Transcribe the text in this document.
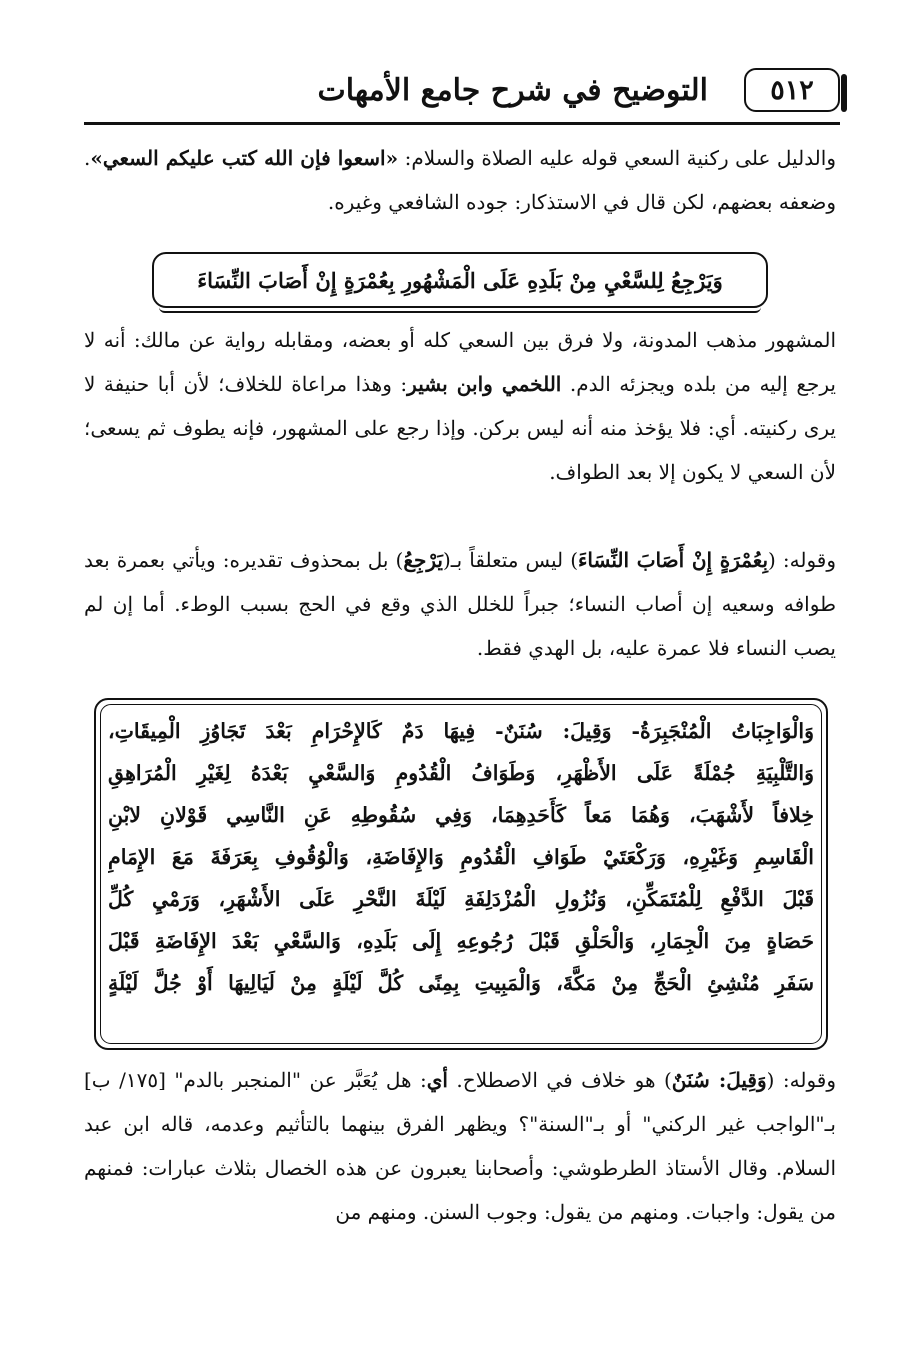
٥١٢
التوضيح في شرح جامع الأمهات

والدليل على ركنية السعي قوله عليه الصلاة والسلام: «اسعوا فإن الله كتب عليكم السعي». وضعفه بعضهم، لكن قال في الاستذكار: جوده الشافعي وغيره.

وَيَرْجِعُ لِلسَّعْيِ مِنْ بَلَدِهِ عَلَى الْمَشْهُورِ بِعُمْرَةٍ إِنْ أَصَابَ النِّسَاءَ

المشهور مذهب المدونة، ولا فرق بين السعي كله أو بعضه، ومقابله رواية عن مالك: أنه لا يرجع إليه من بلده ويجزئه الدم. اللخمي وابن بشير: وهذا مراعاة للخلاف؛ لأن أبا حنيفة لا يرى ركنيته. أي: فلا يؤخذ منه أنه ليس بركن. وإذا رجع على المشهور، فإنه يطوف ثم يسعى؛ لأن السعي لا يكون إلا بعد الطواف.

وقوله: (بِعُمْرَةٍ إِنْ أَصَابَ النِّسَاءَ) ليس متعلقاً بـ(يَرْجِعُ) بل بمحذوف تقديره: ويأتي بعمرة بعد طوافه وسعيه إن أصاب النساء؛ جبراً للخلل الذي وقع في الحج بسبب الوطء. أما إن لم يصب النساء فلا عمرة عليه، بل الهدي فقط.

وَالْوَاجِبَاتُ الْمُنْجَبِرَةُ- وَقِيلَ: سُنَنٌ- فِيهَا دَمٌ كَالإِحْرَامِ بَعْدَ تَجَاوُزِ الْمِيقَاتِ،
وَالتَّلْبِيَةِ جُمْلَةً عَلَى الأَظْهَرِ، وَطَوَافُ الْقُدُومِ وَالسَّعْيِ بَعْدَهُ لِغَيْرِ الْمُرَاهِقِ
خِلافاً لأَشْهَبَ، وَهُمَا مَعاً كَأَحَدِهِمَا، وَفِي سُقُوطِهِ عَنِ النَّاسِي قَوْلانِ لابْنِ
الْقَاسِمِ وَغَيْرِهِ، وَرَكْعَتَيْ طَوَافِ الْقُدُومِ وَالإِفَاضَةِ، وَالْوُقُوفِ بِعَرَفَةَ مَعَ الإِمَامِ
قَبْلَ الدَّفْعِ لِلْمُتَمَكِّنِ، وَنُزُولِ الْمُزْدَلِفَةِ لَيْلَةَ النَّحْرِ عَلَى الأَشْهَرِ، وَرَمْيِ كُلِّ
حَصَاةٍ مِنَ الْجِمَارِ، وَالْحَلْقِ قَبْلَ رُجُوعِهِ إِلَى بَلَدِهِ، وَالسَّعْيِ بَعْدَ الإِفَاضَةِ قَبْلَ
سَفَرِ مُنْشِئِ الْحَجِّ مِنْ مَكَّةَ، وَالْمَبِيتِ بِمِنًى كُلَّ لَيْلَةٍ مِنْ لَيَالِيهَا أَوْ جُلَّ لَيْلَةٍ

وقوله: (وَقِيلَ: سُنَنٌ) هو خلاف في الاصطلاح. أي: هل يُعَبَّر عن "المنجبر بالدم" [١٧٥/ ب] بـ"الواجب غير الركني" أو بـ"السنة"؟ ويظهر الفرق بينهما بالتأثيم وعدمه، قاله ابن عبد السلام. وقال الأستاذ الطرطوشي: وأصحابنا يعبرون عن هذه الخصال بثلاث عبارات: فمنهم من يقول: واجبات. ومنهم من يقول: وجوب السنن. ومنهم من
